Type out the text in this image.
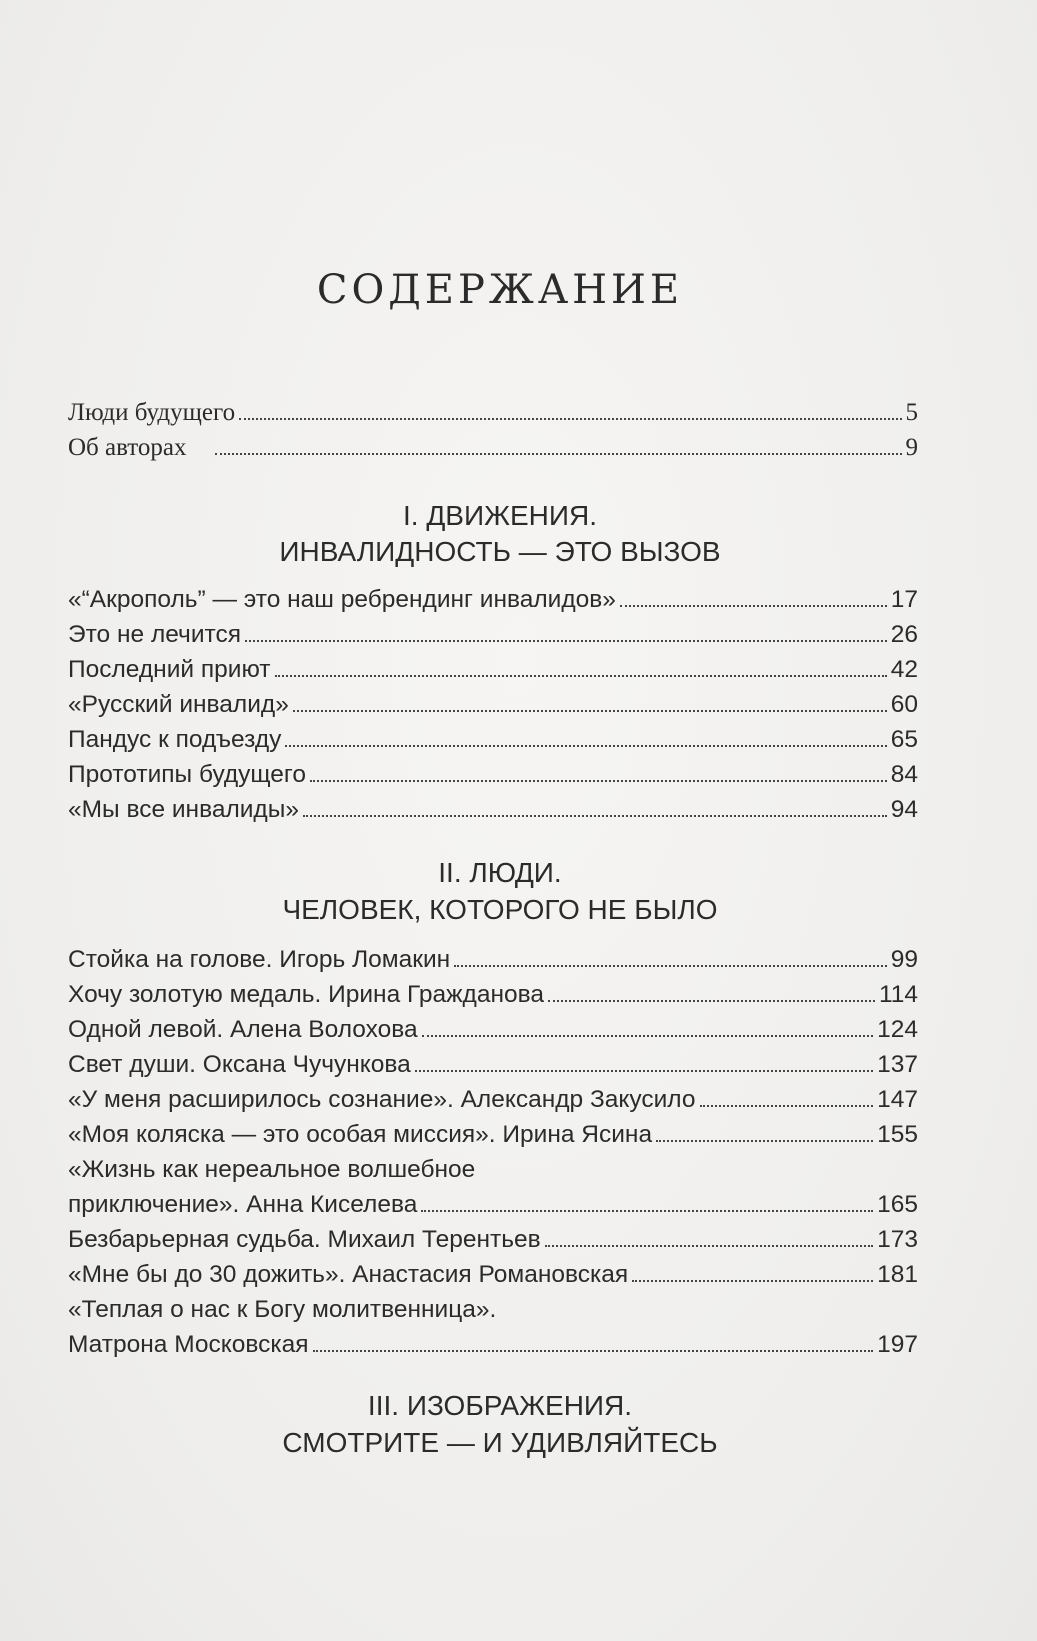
СОДЕРЖАНИЕ
Люди будущего	5
Об авторах	9
I. ДВИЖЕНИЯ.
ИНВАЛИДНОСТЬ — ЭТО ВЫЗОВ
«“Акрополь” — это наш ребрендинг инвалидов»	17
Это не лечится	26
Последний приют	42
«Русский инвалид»	60
Пандус к подъезду	65
Прототипы будущего	84
«Мы все инвалиды»	94
II. ЛЮДИ.
ЧЕЛОВЕК, КОТОРОГО НЕ БЫЛО
Стойка на голове. Игорь Ломакин	99
Хочу золотую медаль. Ирина Гражданова	114
Одной левой. Алена Волохова	124
Свет души. Оксана Чучункова	137
«У меня расширилось сознание». Александр Закусило	147
«Моя коляска — это особая миссия». Ирина Ясина	155
«Жизнь как нереальное волшебное
приключение». Анна Киселева	165
Безбарьерная судьба. Михаил Терентьев	173
«Мне бы до 30 дожить». Анастасия Романовская	181
«Теплая о нас к Богу молитвенница».
Матрона Московская	197
III. ИЗОБРАЖЕНИЯ.
СМОТРИТЕ — И УДИВЛЯЙТЕСЬ
